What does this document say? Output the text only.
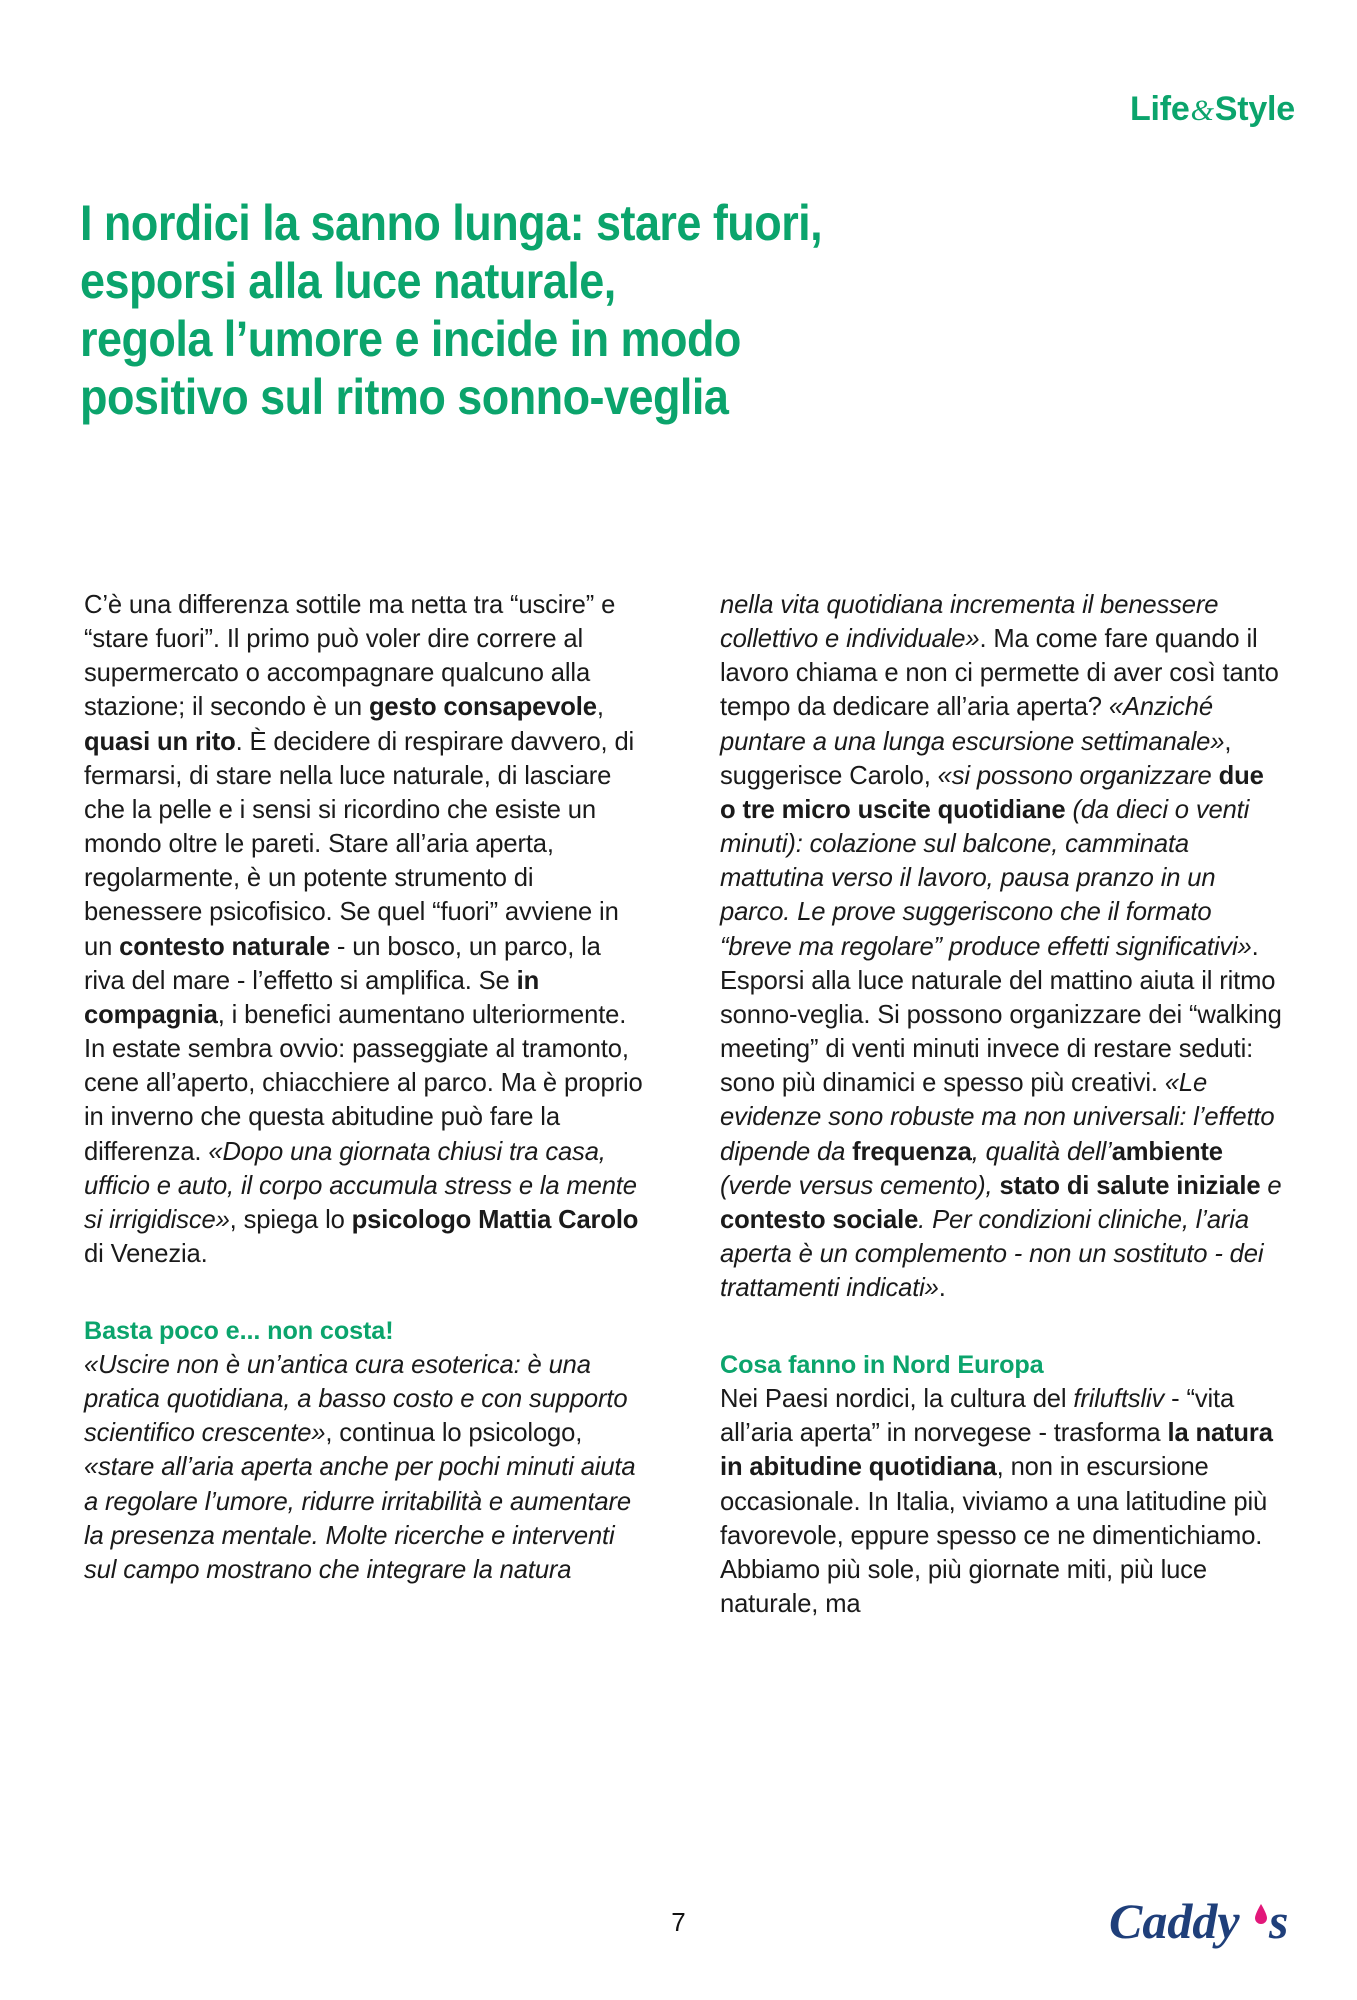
Life&Style
I nordici la sanno lunga: stare fuori,
esporsi alla luce naturale,
regola l’umore e incide in modo
positivo sul ritmo sonno-veglia

C’è una differenza sottile ma netta tra “uscire” e “stare fuori”. Il primo può voler dire correre al supermercato o accompagnare qualcuno alla stazione; il secondo è un gesto consapevole, quasi un rito. È decidere di respirare davvero, di fermarsi, di stare nella luce naturale, di lasciare che la pelle e i sensi si ricordino che esiste un mondo oltre le pareti. Stare all’aria aperta, regolarmente, è un potente strumento di benessere psicofisico. Se quel “fuori” avviene in un contesto naturale - un bosco, un parco, la riva del mare - l’effetto si amplifica. Se in compagnia, i benefici aumentano ulteriormente. In estate sembra ovvio: passeggiate al tramonto, cene all’aperto, chiacchiere al parco. Ma è proprio in inverno che questa abitudine può fare la differenza. «Dopo una giornata chiusi tra casa, ufficio e auto, il corpo accumula stress e la mente si irrigidisce», spiega lo psicologo Mattia Carolo di Venezia.

Basta poco e... non costa!

«Uscire non è un’antica cura esoterica: è una pratica quotidiana, a basso costo e con supporto scientifico crescente», continua lo psicologo, «stare all’aria aperta anche per pochi minuti aiuta a regolare l’umore, ridurre irritabilità e aumentare la presenza mentale. Molte ricerche e interventi sul campo mostrano che integrare la natura

nella vita quotidiana incrementa il benessere collettivo e individuale». Ma come fare quando il lavoro chiama e non ci permette di aver così tanto tempo da dedicare all’aria aperta? «Anziché puntare a una lunga escursione settimanale», suggerisce Carolo, «si possono organizzare due o tre micro uscite quotidiane (da dieci o venti minuti): colazione sul balcone, camminata mattutina verso il lavoro, pausa pranzo in un parco. Le prove suggeriscono che il formato “breve ma regolare” produce effetti significativi». Esporsi alla luce naturale del mattino aiuta il ritmo sonno-veglia. Si possono organizzare dei “walking meeting” di venti minuti invece di restare seduti: sono più dinamici e spesso più creativi. «Le evidenze sono robuste ma non universali: l’effetto dipende da frequenza, qualità dell’ambiente (verde versus cemento), stato di salute iniziale e contesto sociale. Per condizioni cliniche, l’aria aperta è un complemento - non un sostituto - dei trattamenti indicati».

Cosa fanno in Nord Europa

Nei Paesi nordici, la cultura del friluftsliv - “vita all’aria aperta” in norvegese - trasforma la natura in abitudine quotidiana, non in escursione occasionale. In Italia, viviamo a una latitudine più favorevole, eppure spesso ce ne dimentichiamo. Abbiamo più sole, più giornate miti, più luce naturale, ma

7	Caddy s
